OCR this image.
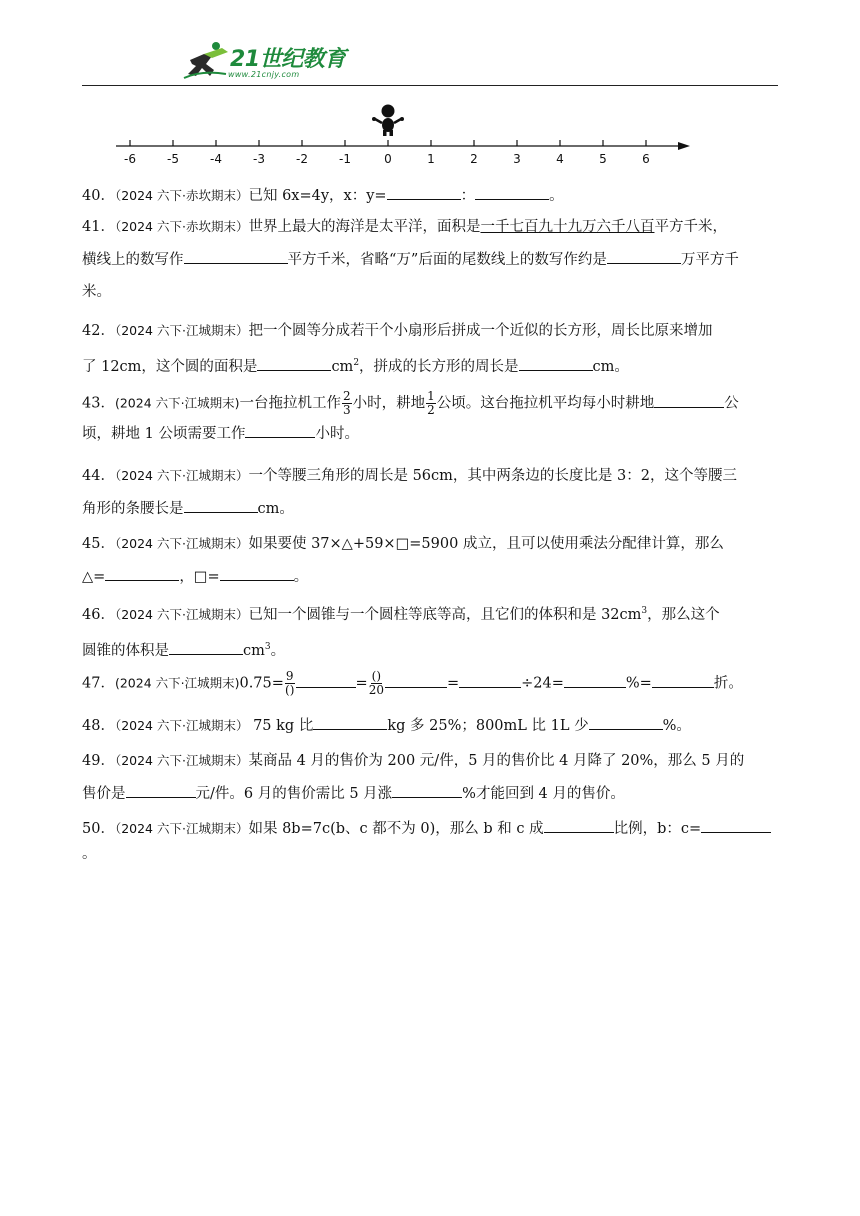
21世纪教育
www.21cnjy.com
-6	-5	-4	-3	-2	-1	0	1	2	3	4	5	6
40．（2024 六下·赤坎期末）已知 6x=4y，x：y=	：	。
41．（2024 六下·赤坎期末）世界上最大的海洋是太平洋，面积是一千七百九十九万六千八百平方千米，
横线上的数写作	平方千米，省略“万”后面的尾数线上的数写作约是	万平方千
米。
42．（2024 六下·江城期末）把一个圆等分成若干个小扇形后拼成一个近似的长方形，周长比原来增加
了 12cm，这个圆的面积是	$cm^2$，拼成的长方形的周长是	cm。
43．(2024 六下·江城期末)一台拖拉机工作 $\frac{2}{3}$ 小时，耕地 $\frac{1}{2}$ 公顷。这台拖拉机平均每小时耕地	公
顷，耕地 1 公顷需要工作	小时。
44．（2024 六下·江城期末）一个等腰三角形的周长是 56cm，其中两条边的长度比是 3：2，这个等腰三
角形的条腰长是	cm。
45．（2024 六下·江城期末）如果要使 37×△+59×□=5900 成立，且可以使用乘法分配律计算，那么
△=	，□=	。
46．（2024 六下·江城期末）已知一个圆锥与一个圆柱等底等高，且它们的体积和是 $32cm^3$，那么这个
圆锥的体积是	$cm^3$。
47．(2024 六下·江城期末)$0.75= \frac{9}{()}$	= $\frac{()}{20}$	=	÷24=	%=	折。
48．（2024 六下·江城期末） 75 kg 比	kg 多 25%；800mL 比 1L 少	%。
49．（2024 六下·江城期末）某商品 4 月的售价为 200 元/件，5 月的售价比 4 月降了 20%，那么 5 月的
售价是	元/件。6 月的售价需比 5 月涨	%才能回到 4 月的售价。
50．（2024 六下·江城期末）如果 8b=7c(b、c 都不为 0)，那么 b 和 c 成	比例，b：c=。
